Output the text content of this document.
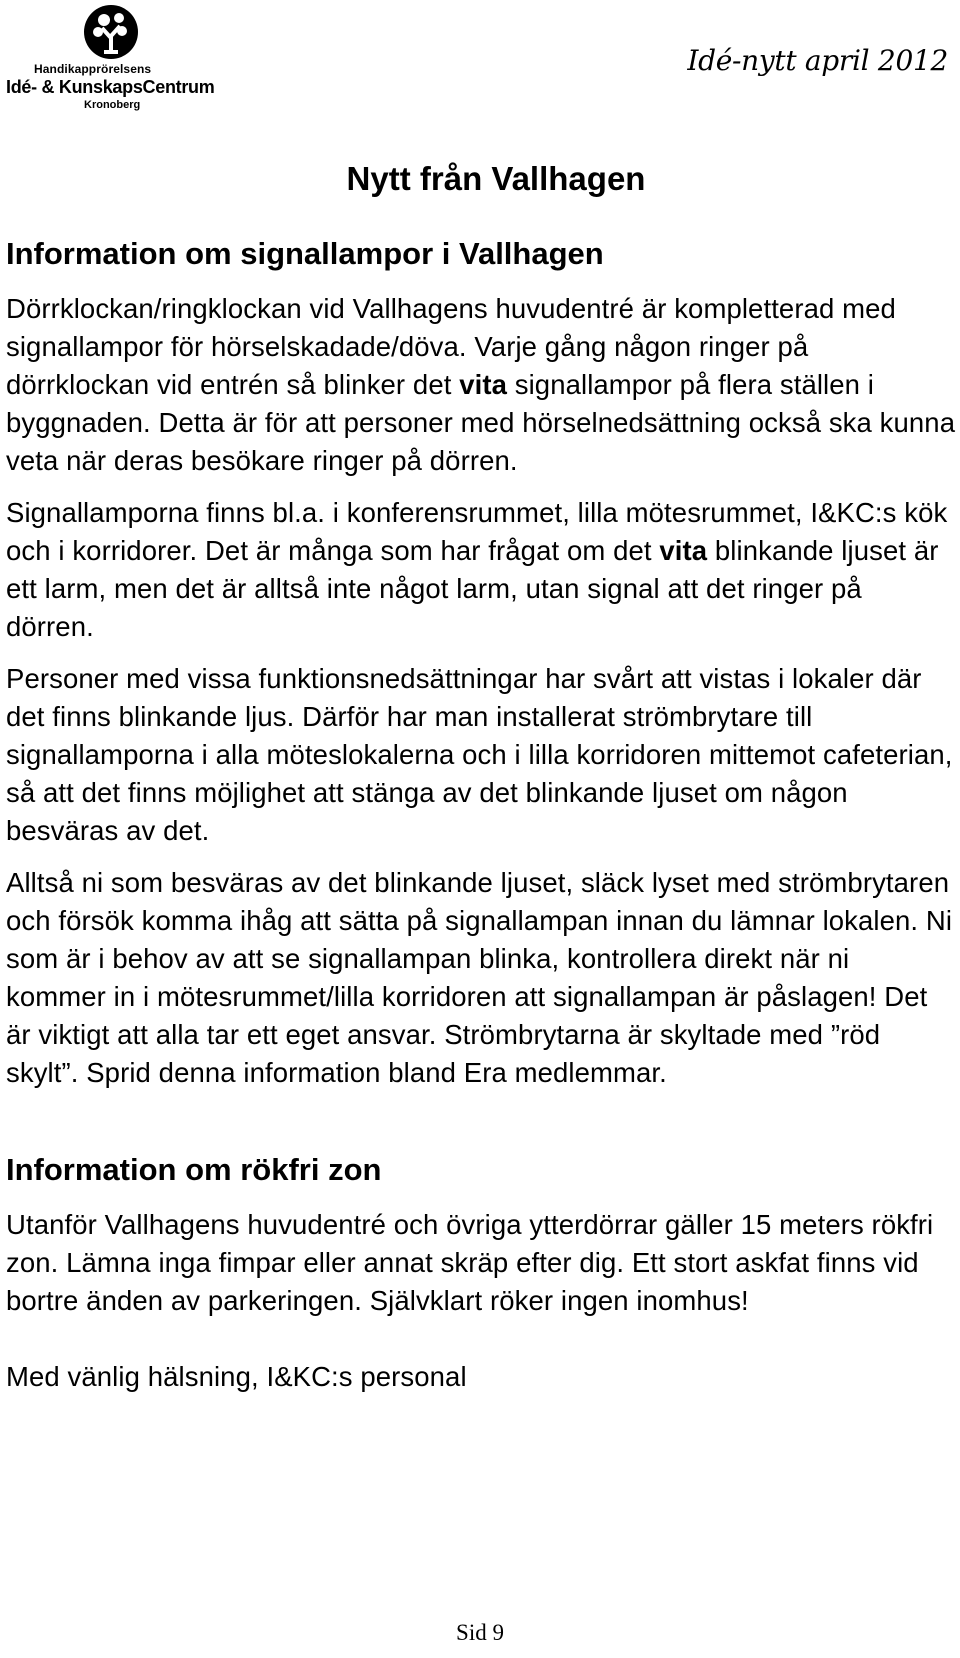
Handikapprörelsens
Idé- & KunskapsCentrum
Kronoberg
Idé-nytt april 2012
Nytt från Vallhagen
Information om signallampor i Vallhagen

Dörrklockan/ringklockan vid Vallhagens huvudentré är kompletterad med signallampor för hörselskadade/döva. Varje gång någon ringer på dörrklockan vid entrén så blinker det vita signallampor på flera ställen i byggnaden. Detta är för att personer med hörselnedsättning också ska kunna veta när deras besökare ringer på dörren.

Signallamporna finns bl.a. i konferensrummet, lilla mötesrummet, I&KC:s kök och i korridorer. Det är många som har frågat om det vita blinkande ljuset är ett larm, men det är alltså inte något larm, utan signal att det ringer på dörren.

Personer med vissa funktionsnedsättningar har svårt att vistas i lokaler där det finns blinkande ljus. Därför har man installerat strömbrytare till signallamporna i alla möteslokalerna och i lilla korridoren mittemot cafeterian, så att det finns möjlighet att stänga av det blinkande ljuset om någon besväras av det.

Alltså ni som besväras av det blinkande ljuset, släck lyset med strömbrytaren och försök komma ihåg att sätta på signallampan innan du lämnar lokalen. Ni som är i behov av att se signallampan blinka, kontrollera direkt när ni kommer in i mötesrummet/lilla korridoren att signallampan är påslagen! Det är viktigt att alla tar ett eget ansvar. Strömbrytarna är skyltade med ”röd skylt”. Sprid denna information bland Era medlemmar.

Information om rökfri zon

Utanför Vallhagens huvudentré och övriga ytterdörrar gäller 15 meters rökfri zon. Lämna inga fimpar eller annat skräp efter dig. Ett stort askfat finns vid bortre änden av parkeringen. Självklart röker ingen inomhus!

Med vänlig hälsning, I&KC:s personal

Sid 9
